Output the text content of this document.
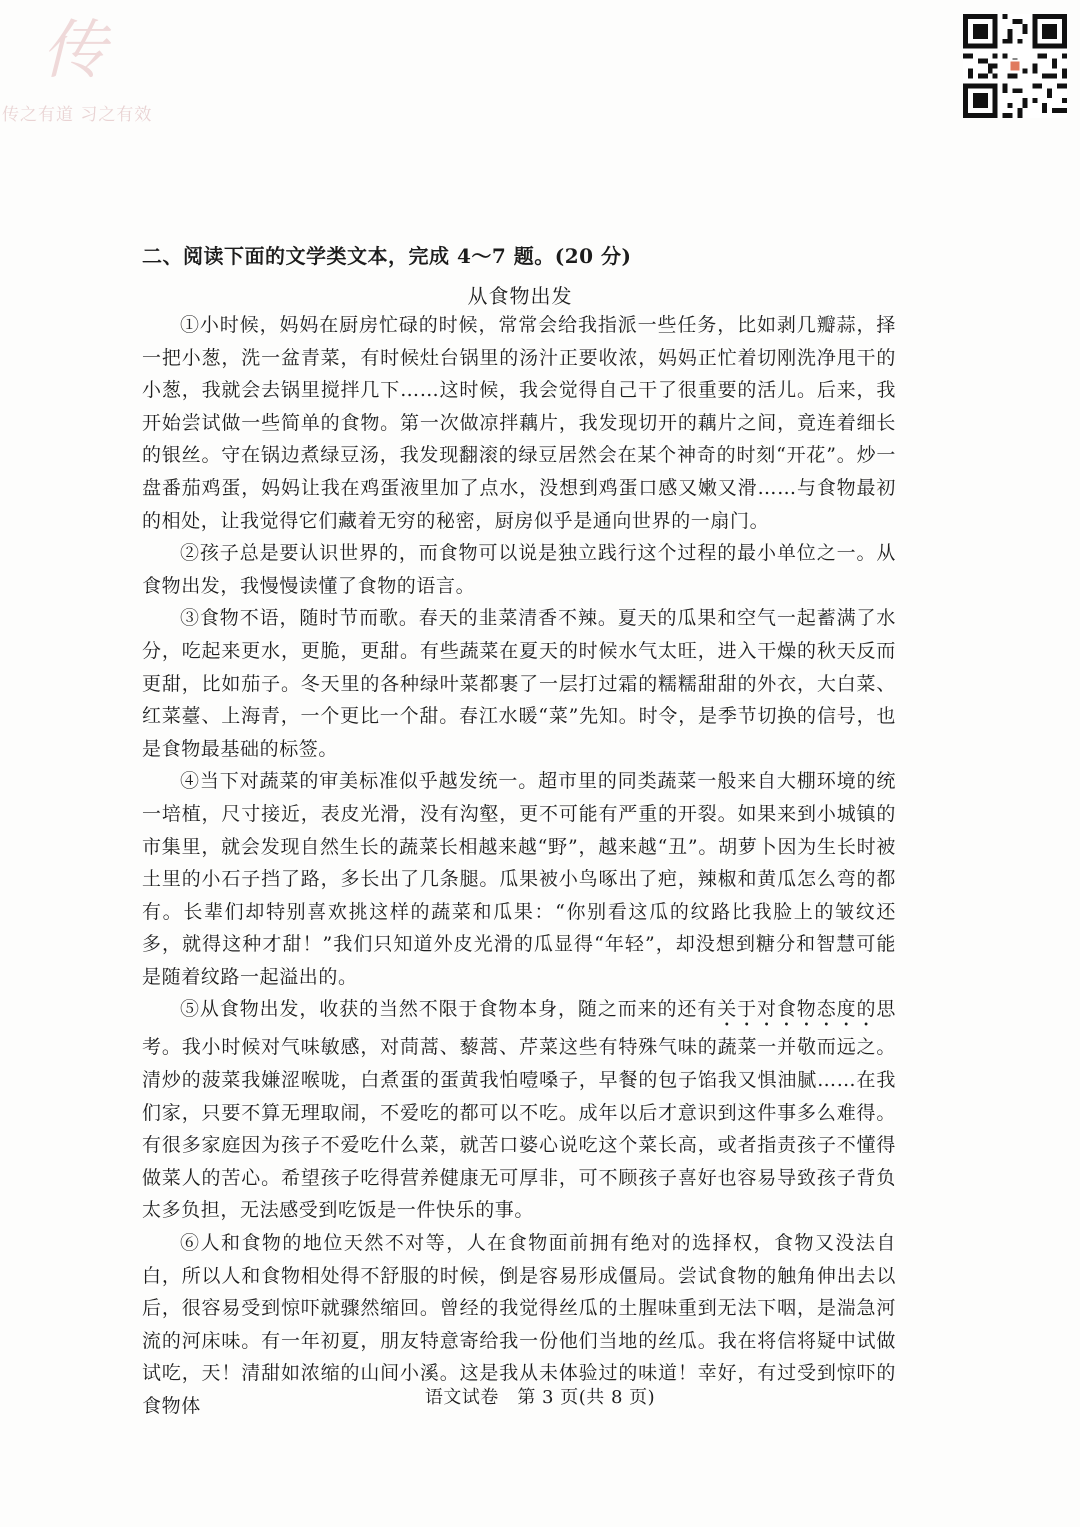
传
传之有道 习之有效
二、阅读下面的文学类文本，完成 4～7 题。(20 分)
从食物出发

①小时候，妈妈在厨房忙碌的时候，常常会给我指派一些任务，比如剥几瓣蒜，择一把小葱，洗一盆青菜，有时候灶台锅里的汤汁正要收浓，妈妈正忙着切刚洗净甩干的小葱，我就会去锅里搅拌几下……这时候，我会觉得自己干了很重要的活儿。后来，我开始尝试做一些简单的食物。第一次做凉拌藕片，我发现切开的藕片之间，竟连着细长的银丝。守在锅边煮绿豆汤，我发现翻滚的绿豆居然会在某个神奇的时刻“开花”。炒一盘番茄鸡蛋，妈妈让我在鸡蛋液里加了点水，没想到鸡蛋口感又嫩又滑……与食物最初的相处，让我觉得它们藏着无穷的秘密，厨房似乎是通向世界的一扇门。

②孩子总是要认识世界的，而食物可以说是独立践行这个过程的最小单位之一。从食物出发，我慢慢读懂了食物的语言。

③食物不语，随时节而歌。春天的韭菜清香不辣。夏天的瓜果和空气一起蓄满了水分，吃起来更水，更脆，更甜。有些蔬菜在夏天的时候水气太旺，进入干燥的秋天反而更甜，比如茄子。冬天里的各种绿叶菜都裹了一层打过霜的糯糯甜甜的外衣，大白菜、红菜薹、上海青，一个更比一个甜。春江水暖“菜”先知。时令，是季节切换的信号，也是食物最基础的标签。

④当下对蔬菜的审美标准似乎越发统一。超市里的同类蔬菜一般来自大棚环境的统一培植，尺寸接近，表皮光滑，没有沟壑，更不可能有严重的开裂。如果来到小城镇的市集里，就会发现自然生长的蔬菜长相越来越“野”，越来越“丑”。胡萝卜因为生长时被土里的小石子挡了路，多长出了几条腿。瓜果被小鸟啄出了疤，辣椒和黄瓜怎么弯的都有。长辈们却特别喜欢挑这样的蔬菜和瓜果：“你别看这瓜的纹路比我脸上的皱纹还多，就得这种才甜！”我们只知道外皮光滑的瓜显得“年轻”，却没想到糖分和智慧可能是随着纹路一起溢出的。

⑤从食物出发，收获的当然不限于食物本身，随之而来的还有关于对食物态度的思考。我小时候对气味敏感，对茼蒿、藜蒿、芹菜这些有特殊气味的蔬菜一并敬而远之。清炒的菠菜我嫌涩喉咙，白煮蛋的蛋黄我怕噎嗓子，早餐的包子馅我又惧油腻……在我们家，只要不算无理取闹，不爱吃的都可以不吃。成年以后才意识到这件事多么难得。有很多家庭因为孩子不爱吃什么菜，就苦口婆心说吃这个菜长高，或者指责孩子不懂得做菜人的苦心。希望孩子吃得营养健康无可厚非，可不顾孩子喜好也容易导致孩子背负太多负担，无法感受到吃饭是一件快乐的事。

⑥人和食物的地位天然不对等，人在食物面前拥有绝对的选择权，食物又没法自白，所以人和食物相处得不舒服的时候，倒是容易形成僵局。尝试食物的触角伸出去以后，很容易受到惊吓就骤然缩回。曾经的我觉得丝瓜的土腥味重到无法下咽，是湍急河流的河床味。有一年初夏，朋友特意寄给我一份他们当地的丝瓜。我在将信将疑中试做试吃，天！清甜如浓缩的山间小溪。这是我从未体验过的味道！幸好，有过受到惊吓的食物体	语文试卷　第 3 页(共 8 页)
